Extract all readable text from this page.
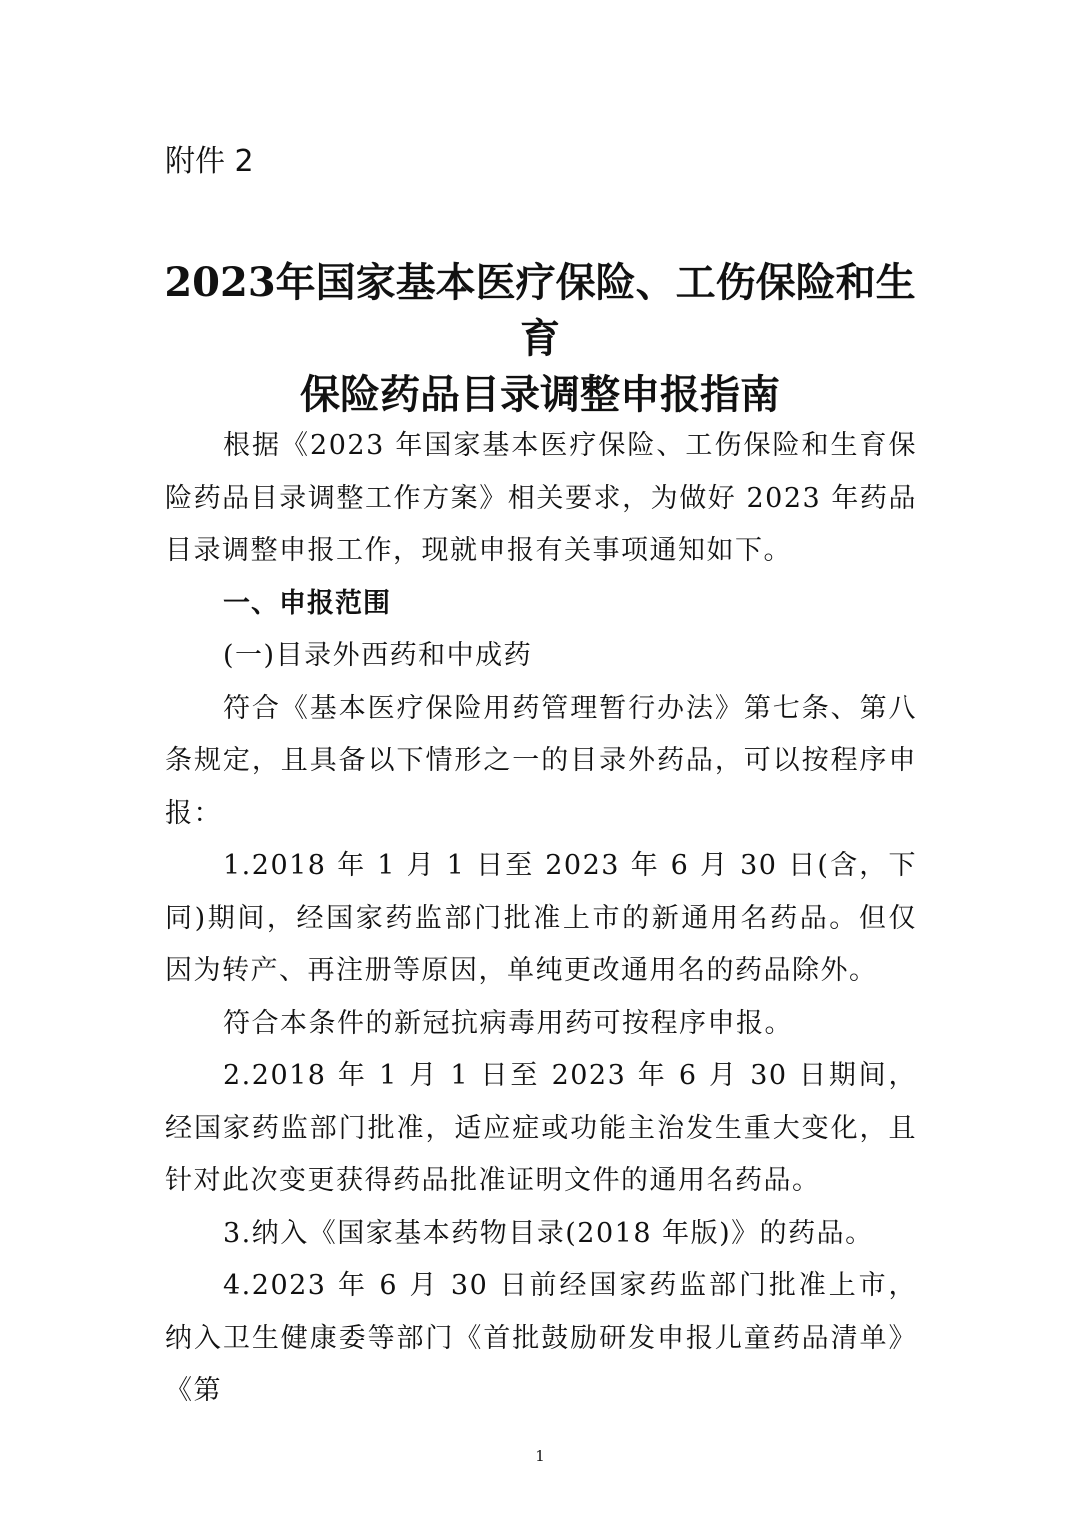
附件 2

2023年国家基本医疗保险、工伤保险和生育
保险药品目录调整申报指南

根据《2023 年国家基本医疗保险、工伤保险和生育保险药品目录调整工作方案》相关要求，为做好 2023 年药品目录调整申报工作，现就申报有关事项通知如下。

一、申报范围

(一)目录外西药和中成药

符合《基本医疗保险用药管理暂行办法》第七条、第八条规定，且具备以下情形之一的目录外药品，可以按程序申报：

1.2018 年 1 月 1 日至 2023 年 6 月 30 日(含，下同)期间，经国家药监部门批准上市的新通用名药品。但仅因为转产、再注册等原因，单纯更改通用名的药品除外。

符合本条件的新冠抗病毒用药可按程序申报。

2.2018 年 1 月 1 日至 2023 年 6 月 30 日期间，经国家药监部门批准，适应症或功能主治发生重大变化，且针对此次变更获得药品批准证明文件的通用名药品。

3.纳入《国家基本药物目录(2018 年版)》的药品。

4.2023 年 6 月 30 日前经国家药监部门批准上市，纳入卫生健康委等部门《首批鼓励研发申报儿童药品清单》《第

1
